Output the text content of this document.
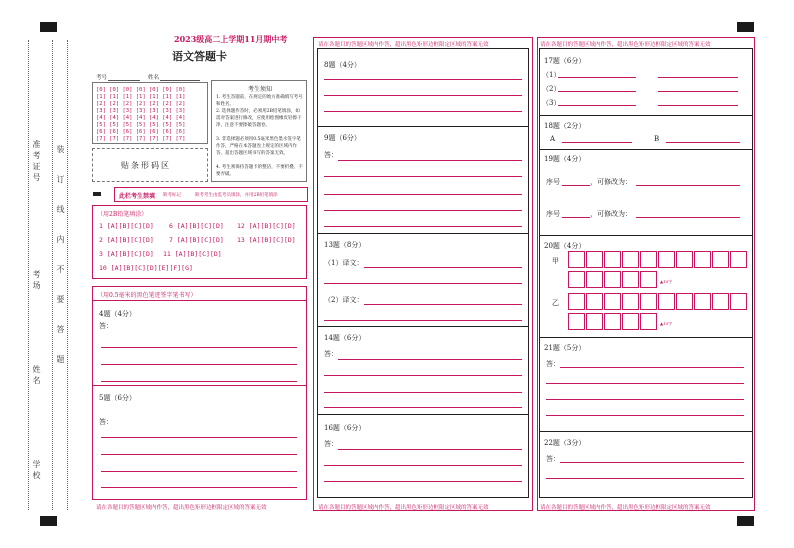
准考证号
考场
姓名
学校
装订线内不要答题
请在各题目的答题区域内作答，超出黑色矩形边框限定区域的答案无效	请在各题目的答题区域内作答，超出黑色矩形边框限定区域的答案无效
请在各题目的答题区域内作答，超出黑色矩形边框限定区域的答案无效	请在各题目的答题区域内作答，超出黑色矩形边框限定区域的答案无效	请在各题目的答题区域内作答，超出黑色矩形边框限定区域的答案无效
2023级高二上学期11月期中考
语文答题卡
考号	姓名
[0] [0] [0] [0] [0] [0] [0]
[1] [1] [1] [1] [1] [1] [1]
[2] [2] [2] [2] [2] [2] [2]
[3] [3] [3] [3] [3] [3] [3]
[4] [4] [4] [4] [4] [4] [4]
[5] [5] [5] [5] [5] [5] [5]
[6] [6] [6] [6] [6] [6] [6]
[7] [7] [7] [7] [7] [7] [7]
考生须知
1. 考生答题前，在规定的地方准确填写考号和姓名。
2. 选择题作答时，必须用2B铅笔填涂，如需对答案进行修改，应使用绘图橡皮轻擦干净，注意不要擦破答题卷。
3. 非选择题必须用0.5毫米黑色墨水签字笔作答，严格在本答题卷上规定的区域内作答，超出答题区域书写的答案无效。
4. 考生须保持答题卡的整洁，不要折叠、不要弄破。
贴条形码区
此栏考生禁填 缺考标记	缺考考生由监考员填涂，并用2B铅笔填涂
（用2B铅笔填涂）
1 [A][B][C][D] 6 [A][B][C][D] 12 [A][B][C][D]
2 [A][B][C][D] 7 [A][B][C][D] 13 [A][B][C][D]
3 [A][B][C][D] 11 [A][B][C][D]
10 [A][B][C][D][E][F][G]
（用0.5毫米的黑色笔迹签字笔书写）
4题（4分）
答：
5题（6分）
答：
8题（4分）
9题（6分）
答：
13题（8分）
（1）译文：
（2）译文：
14题（6分）
答：
16题（6分）
答：
17题（6分）
（1）
（2）
（3）
18题（2分）
A	B
19题（4分）
序号	，可修改为：
序号	，可修改为：
20题（4分）
甲
乙
▲10字
▲10字
21题（5分）
答：
22题（3分）
答：
